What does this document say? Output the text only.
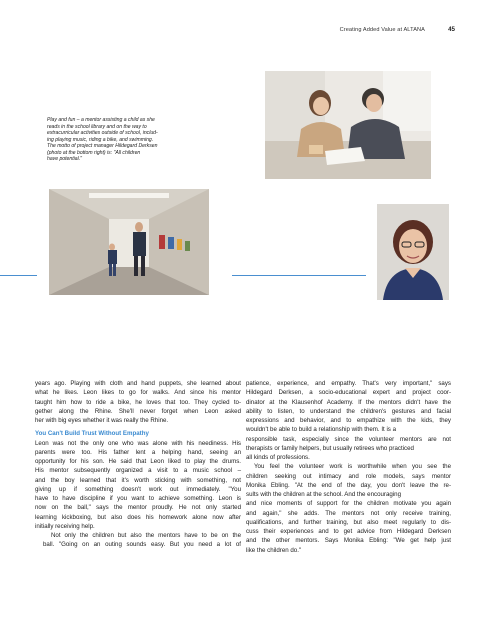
Creating Added Value at ALTANA	45
Play and fun – a mentor assisting a child as she
reads in the school library and on the way to
extracurricular activities outside of school, includ-
ing playing music, riding a bike, and swimming.
The motto of project manager Hildegard Derksen
(photo at the bottom right) is: "All children
have potential."

years ago. Playing with cloth and hand puppets, she learned about
what he likes. Leon likes to go for walks. And since his mentor
taught him how to ride a bike, he loves that too. They cycled to-
gether along the Rhine. She'll never forget when Leon asked
her with big eyes whether it was really the Rhine.

You Can't Build Trust Without Empathy

Leon was not the only one who was alone with his neediness. His
parents were too. His father lent a helping hand, seeing an
opportunity for his son. He said that Leon liked to play the drums.
His mentor subsequently organized a visit to a music school –
and the boy learned that it's worth sticking with something, not
giving up if something doesn't work out immediately. "You
have to have discipline if you want to achieve something. Leon is
now on the ball," says the mentor proudly. He not only started
learning kickboxing, but also does his homework alone now after
initially receiving help.

Not only the children but also the mentors have to be on the
ball. "Going on an outing sounds easy. But you need a lot of

patience, experience, and empathy. That's very important," says
Hildegard Derksen, a socio-educational expert and project coor-
dinator at the Klausenhof Academy. If the mentors didn't have the
ability to listen, to understand the children's gestures and facial
expressions and behavior, and to empathize with the kids, they
wouldn't be able to build a relationship with them. It is a
responsible task, especially since the volunteer mentors are not
therapists or family helpers, but usually retirees who practiced
all kinds of professions.

You feel the volunteer work is worthwhile when you see the
children seeking out intimacy and role models, says mentor
Monika Ebling. "At the end of the day, you don't leave the re-
sults with the children at the school. And the encouraging
and nice moments of support for the children motivate you again
and again," she adds. The mentors not only receive training,
qualifications, and further training, but also meet regularly to dis-
cuss their experiences and to get advice from Hildegard Derksen
and the other mentors. Says Monika Ebling: "We get help just
like the children do."
